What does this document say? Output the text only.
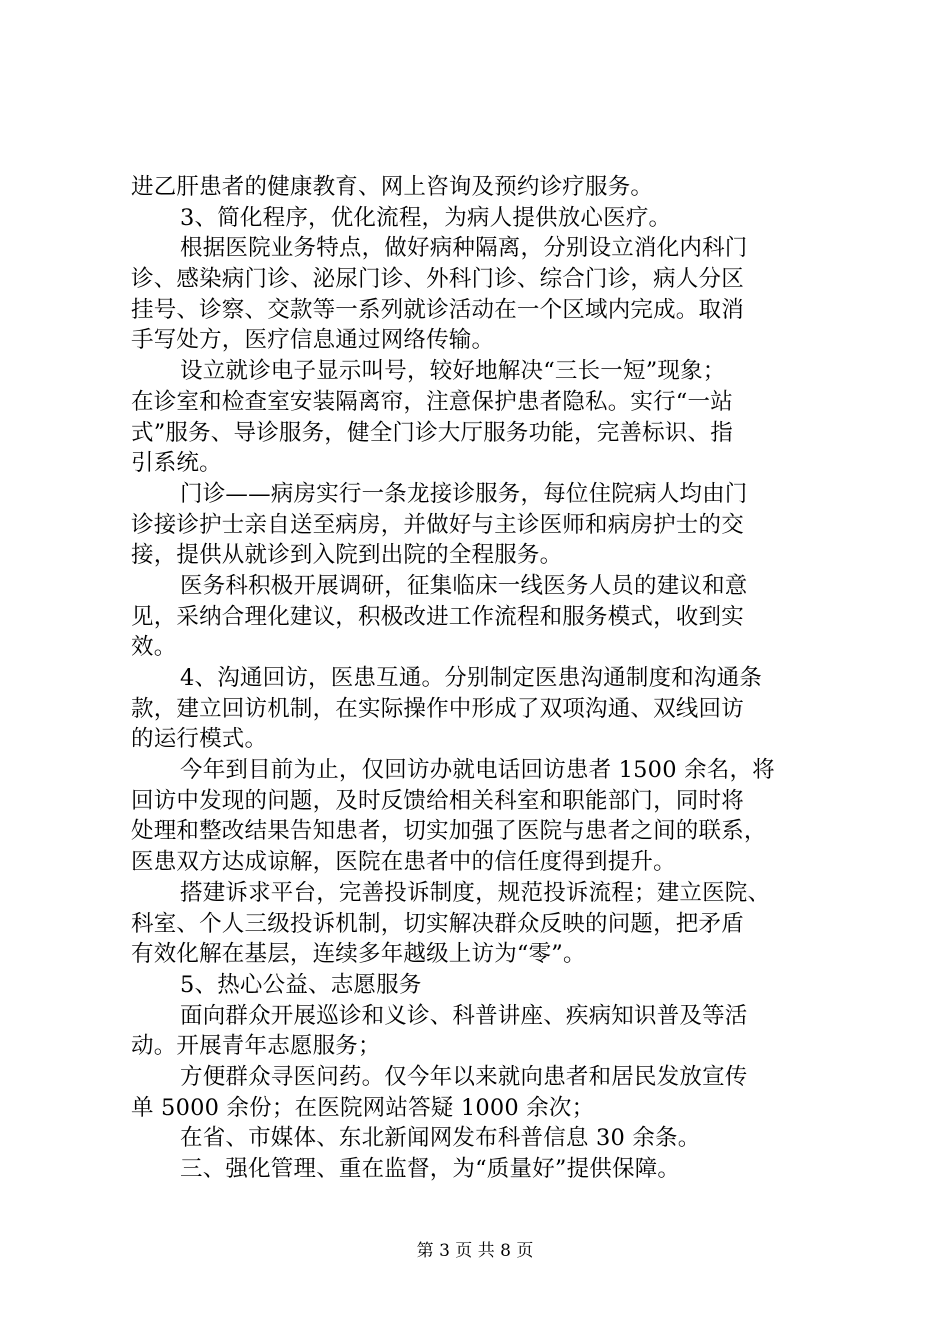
进乙肝患者的健康教育、网上咨询及预约诊疗服务。
3、简化程序，优化流程，为病人提供放心医疗。
根据医院业务特点，做好病种隔离，分别设立消化内科门
诊、感染病门诊、泌尿门诊、外科门诊、综合门诊，病人分区
挂号、诊察、交款等一系列就诊活动在一个区域内完成。取消
手写处方，医疗信息通过网络传输。
设立就诊电子显示叫号，较好地解决“三长一短”现象；
在诊室和检查室安装隔离帘，注意保护患者隐私。实行“一站
式”服务、导诊服务，健全门诊大厅服务功能，完善标识、指
引系统。
门诊——病房实行一条龙接诊服务，每位住院病人均由门
诊接诊护士亲自送至病房，并做好与主诊医师和病房护士的交
接，提供从就诊到入院到出院的全程服务。
医务科积极开展调研，征集临床一线医务人员的建议和意
见，采纳合理化建议，积极改进工作流程和服务模式，收到实
效。
4、沟通回访，医患互通。分别制定医患沟通制度和沟通条
款，建立回访机制，在实际操作中形成了双项沟通、双线回访
的运行模式。
今年到目前为止，仅回访办就电话回访患者 1500 余名，将
回访中发现的问题，及时反馈给相关科室和职能部门，同时将
处理和整改结果告知患者，切实加强了医院与患者之间的联系，
医患双方达成谅解，医院在患者中的信任度得到提升。
搭建诉求平台，完善投诉制度，规范投诉流程；建立医院、
科室、个人三级投诉机制，切实解决群众反映的问题，把矛盾
有效化解在基层，连续多年越级上访为“零”。
5、热心公益、志愿服务
面向群众开展巡诊和义诊、科普讲座、疾病知识普及等活
动。开展青年志愿服务；
方便群众寻医问药。仅今年以来就向患者和居民发放宣传
单 5000 余份；在医院网站答疑 1000 余次；
在省、市媒体、东北新闻网发布科普信息 30 余条。
三、强化管理、重在监督，为“质量好”提供保障。
第 3 页 共 8 页
